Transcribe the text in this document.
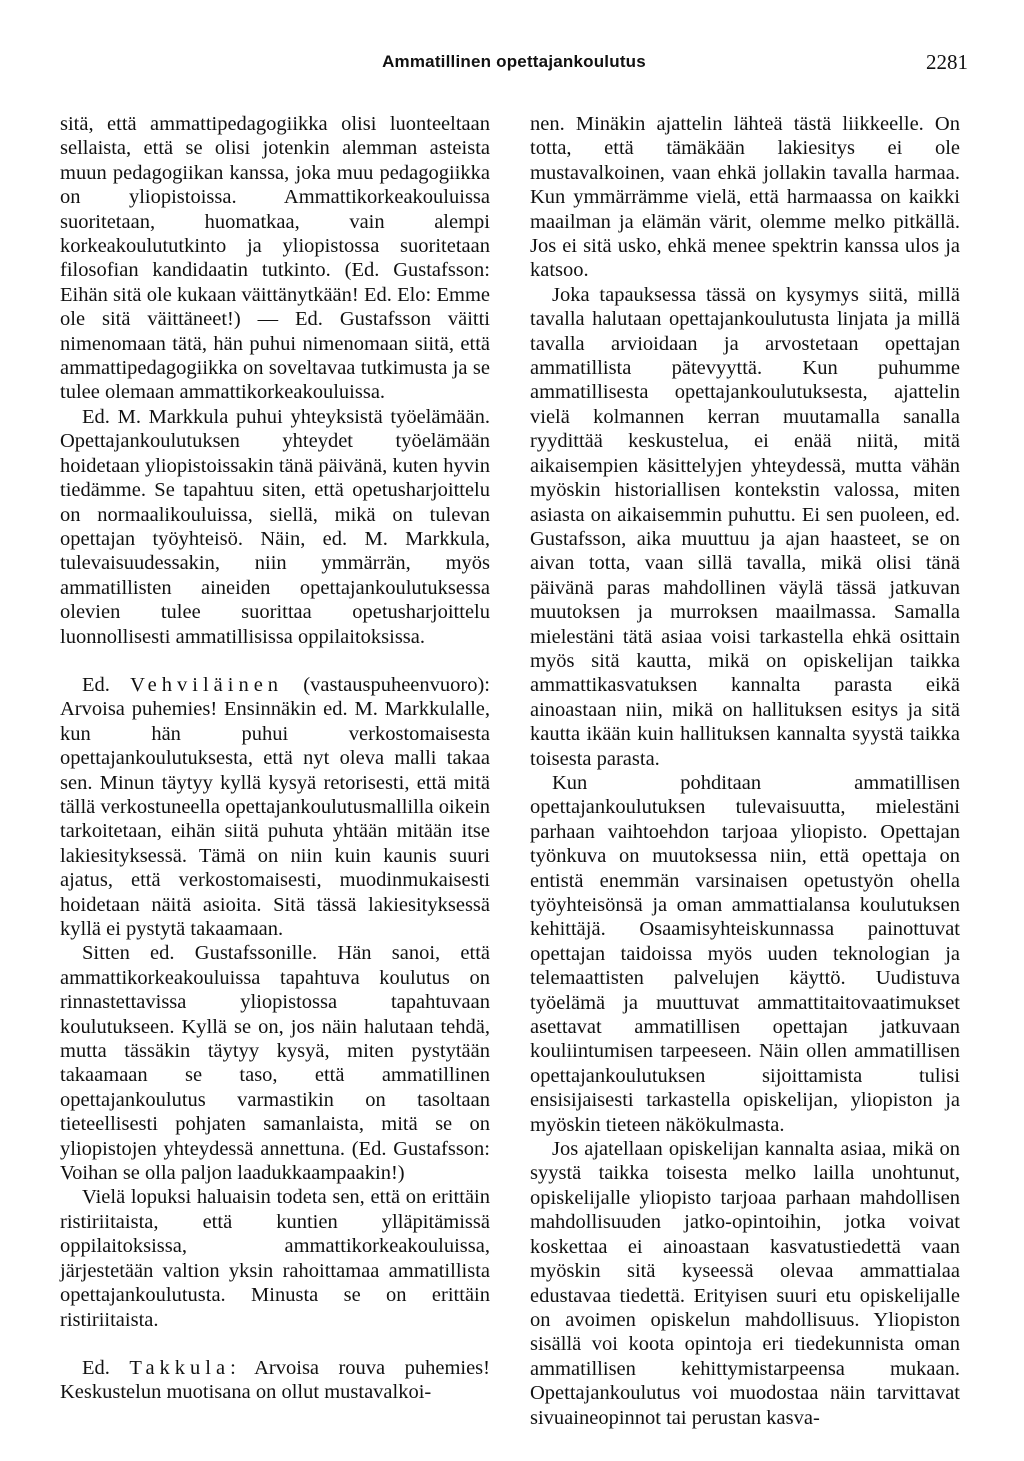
Ammatillinen opettajankoulutus	2281

sitä, että ammattipedagogiikka olisi luonteeltaan sellaista, että se olisi jotenkin alemman asteista muun pedagogiikan kanssa, joka muu pedagogiikka on yliopistoissa. Ammattikorkeakouluissa suoritetaan, huomatkaa, vain alempi korkeakoulututkinto ja yliopistossa suoritetaan filosofian kandidaatin tutkinto. (Ed. Gustafsson: Eihän sitä ole kukaan väittänytkään! Ed. Elo: Emme ole sitä väittäneet!) — Ed. Gustafsson väitti nimenomaan tätä, hän puhui nimenomaan siitä, että ammattipedagogiikka on soveltavaa tutkimusta ja se tulee olemaan ammattikorkeakouluissa.

Ed. M. Markkula puhui yhteyksistä työelämään. Opettajankoulutuksen yhteydet työelämään hoidetaan yliopistoissakin tänä päivänä, kuten hyvin tiedämme. Se tapahtuu siten, että opetusharjoittelu on normaalikouluissa, siellä, mikä on tulevan opettajan työyhteisö. Näin, ed. M. Markkula, tulevaisuudessakin, niin ymmärrän, myös ammatillisten aineiden opettajankoulutuksessa olevien tulee suorittaa opetusharjoittelu luonnollisesti ammatillisissa oppilaitoksissa.

Ed. Vehviläinen (vastauspuheenvuoro): Arvoisa puhemies! Ensinnäkin ed. M. Markkulalle, kun hän puhui verkostomaisesta opettajankoulutuksesta, että nyt oleva malli takaa sen. Minun täytyy kyllä kysyä retorisesti, että mitä tällä verkostuneella opettajankoulutusmallilla oikein tarkoitetaan, eihän siitä puhuta yhtään mitään itse lakiesityksessä. Tämä on niin kuin kaunis suuri ajatus, että verkostomaisesti, muodinmukaisesti hoidetaan näitä asioita. Sitä tässä lakiesityksessä kyllä ei pystytä takaamaan.

Sitten ed. Gustafssonille. Hän sanoi, että ammattikorkeakouluissa tapahtuva koulutus on rinnastettavissa yliopistossa tapahtuvaan koulutukseen. Kyllä se on, jos näin halutaan tehdä, mutta tässäkin täytyy kysyä, miten pystytään takaamaan se taso, että ammatillinen opettajankoulutus varmastikin on tasoltaan tieteellisesti pohjaten samanlaista, mitä se on yliopistojen yhteydessä annettuna. (Ed. Gustafsson: Voihan se olla paljon laadukkaampaakin!)

Vielä lopuksi haluaisin todeta sen, että on erittäin ristiriitaista, että kuntien ylläpitämissä oppilaitoksissa, ammattikorkeakouluissa, järjestetään valtion yksin rahoittamaa ammatillista opettajankoulutusta. Minusta se on erittäin ristiriitaista.

Ed. Takkula: Arvoisa rouva puhemies! Keskustelun muotisana on ollut mustavalkoi-

nen. Minäkin ajattelin lähteä tästä liikkeelle. On totta, että tämäkään lakiesitys ei ole mustavalkoinen, vaan ehkä jollakin tavalla harmaa. Kun ymmärrämme vielä, että harmaassa on kaikki maailman ja elämän värit, olemme melko pitkällä. Jos ei sitä usko, ehkä menee spektrin kanssa ulos ja katsoo.

Joka tapauksessa tässä on kysymys siitä, millä tavalla halutaan opettajankoulutusta linjata ja millä tavalla arvioidaan ja arvostetaan opettajan ammatillista pätevyyttä. Kun puhumme ammatillisesta opettajankoulutuksesta, ajattelin vielä kolmannen kerran muutamalla sanalla ryydittää keskustelua, ei enää niitä, mitä aikaisempien käsittelyjen yhteydessä, mutta vähän myöskin historiallisen kontekstin valossa, miten asiasta on aikaisemmin puhuttu. Ei sen puoleen, ed. Gustafsson, aika muuttuu ja ajan haasteet, se on aivan totta, vaan sillä tavalla, mikä olisi tänä päivänä paras mahdollinen väylä tässä jatkuvan muutoksen ja murroksen maailmassa. Samalla mielestäni tätä asiaa voisi tarkastella ehkä osittain myös sitä kautta, mikä on opiskelijan taikka ammattikasvatuksen kannalta parasta eikä ainoastaan niin, mikä on hallituksen esitys ja sitä kautta ikään kuin hallituksen kannalta syystä taikka toisesta parasta.

Kun pohditaan ammatillisen opettajankoulutuksen tulevaisuutta, mielestäni parhaan vaihtoehdon tarjoaa yliopisto. Opettajan työnkuva on muutoksessa niin, että opettaja on entistä enemmän varsinaisen opetustyön ohella työyhteisönsä ja oman ammattialansa koulutuksen kehittäjä. Osaamisyhteiskunnassa painottuvat opettajan taidoissa myös uuden teknologian ja telemaattisten palvelujen käyttö. Uudistuva työelämä ja muuttuvat ammattitaitovaatimukset asettavat ammatillisen opettajan jatkuvaan kouliintumisen tarpeeseen. Näin ollen ammatillisen opettajankoulutuksen sijoittamista tulisi ensisijaisesti tarkastella opiskelijan, yliopiston ja myöskin tieteen näkökulmasta.

Jos ajatellaan opiskelijan kannalta asiaa, mikä on syystä taikka toisesta melko lailla unohtunut, opiskelijalle yliopisto tarjoaa parhaan mahdollisen mahdollisuuden jatko-opintoihin, jotka voivat koskettaa ei ainoastaan kasvatustiedettä vaan myöskin sitä kyseessä olevaa ammattialaa edustavaa tiedettä. Erityisen suuri etu opiskelijalle on avoimen opiskelun mahdollisuus. Yliopiston sisällä voi koota opintoja eri tiedekunnista oman ammatillisen kehittymistarpeensa mukaan. Opettajankoulutus voi muodostaa näin tarvittavat sivuaineopinnot tai perustan kasva-
